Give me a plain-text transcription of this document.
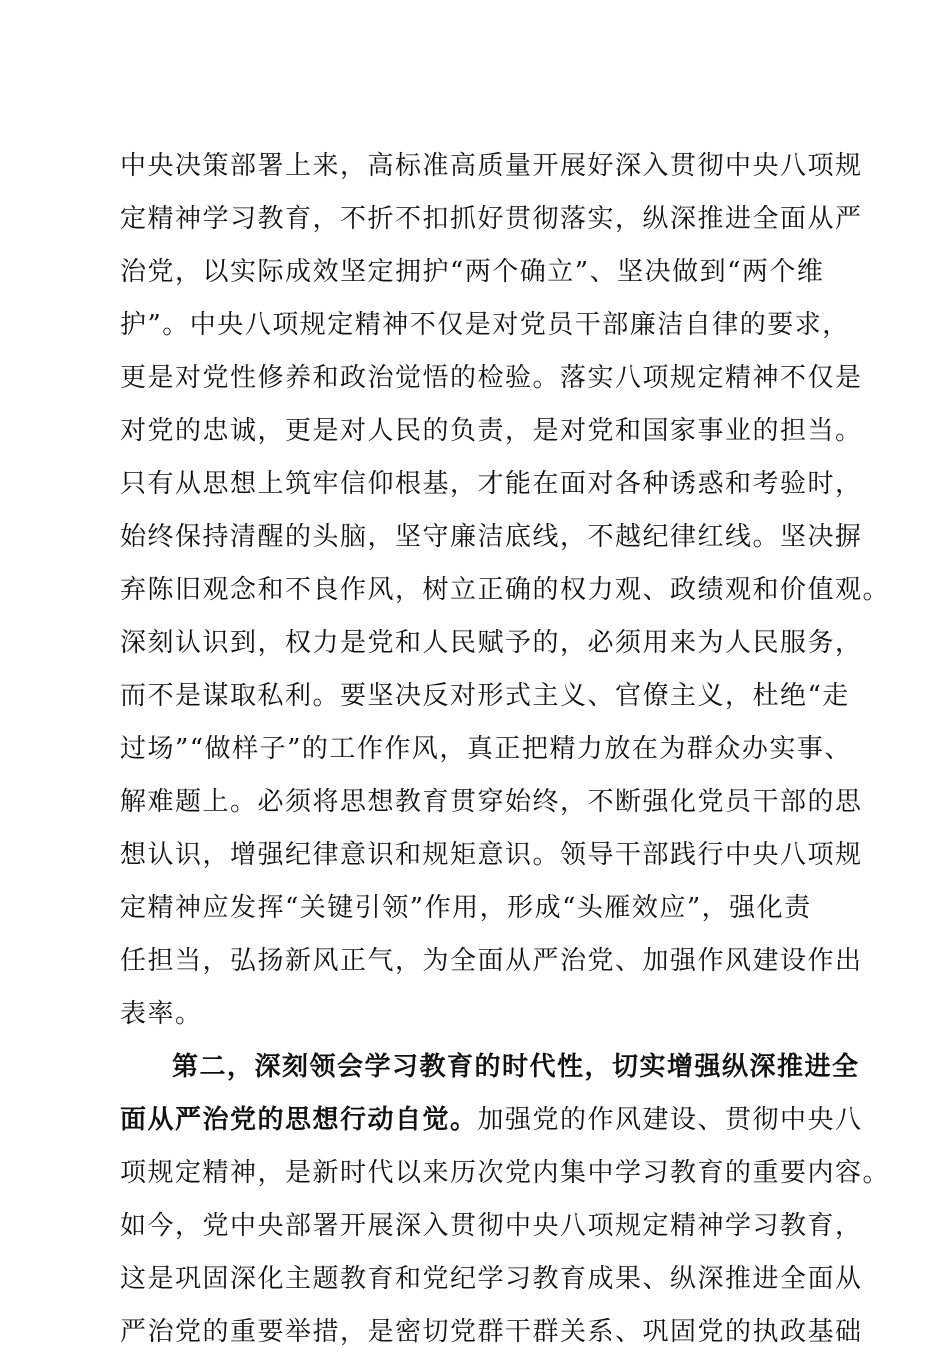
中央决策部署上来，高标准高质量开展好深入贯彻中央八项规
定精神学习教育，不折不扣抓好贯彻落实，纵深推进全面从严
治党，以实际成效坚定拥护“两个确立”、坚决做到“两个维
护”。中央八项规定精神不仅是对党员干部廉洁自律的要求，
更是对党性修养和政治觉悟的检验。落实八项规定精神不仅是
对党的忠诚，更是对人民的负责，是对党和国家事业的担当。
只有从思想上筑牢信仰根基，才能在面对各种诱惑和考验时，
始终保持清醒的头脑，坚守廉洁底线，不越纪律红线。坚决摒
弃陈旧观念和不良作风，树立正确的权力观、政绩观和价值观。
深刻认识到，权力是党和人民赋予的，必须用来为人民服务，
而不是谋取私利。要坚决反对形式主义、官僚主义，杜绝“走
过场”“做样子”的工作作风，真正把精力放在为群众办实事、
解难题上。必须将思想教育贯穿始终，不断强化党员干部的思
想认识，增强纪律意识和规矩意识。领导干部践行中央八项规
定精神应发挥“关键引领”作用，形成“头雁效应”，强化责
任担当，弘扬新风正气，为全面从严治党、加强作风建设作出
表率。
第二，深刻领会学习教育的时代性，切实增强纵深推进全
面从严治党的思想行动自觉。加强党的作风建设、贯彻中央八
项规定精神，是新时代以来历次党内集中学习教育的重要内容。
如今，党中央部署开展深入贯彻中央八项规定精神学习教育，
这是巩固深化主题教育和党纪学习教育成果、纵深推进全面从
严治党的重要举措，是密切党群干群关系、巩固党的执政基础
